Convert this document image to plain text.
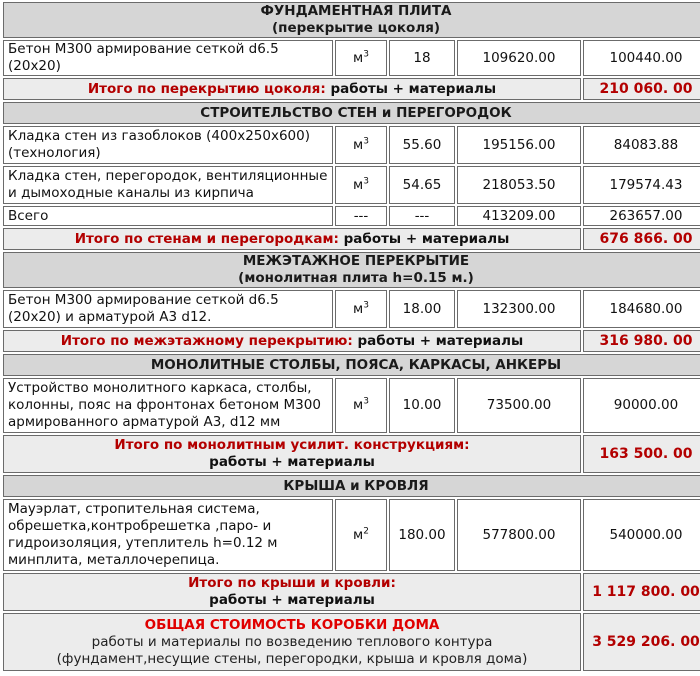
ФУНДАМЕНТНАЯ ПЛИТА
(перекрытие цоколя)				

Бетон М300 армирование сеткой d6.5 (20х20)	$м^3$	18	109620.00	100440.00
Итого по перекрытию цоколя: работы + материалы				210 060. 00

СТРОИТЕЛЬСТВО СТЕН и ПЕРЕГОРОДОК				

Кладка стен из газоблоков (400х250х600) (технология)	$м^3$	55.60	195156.00	84083.88
Кладка стен, перегородок, вентиляционные и дымоходные каналы из кирпича	$м^3$	54.65	218053.50	179574.43
Всего	---	---	413209.00	263657.00
Итого по стенам и перегородкам: работы + материалы				676 866. 00

МЕЖЭТАЖНОЕ ПЕРЕКРЫТИЕ
(монолитная плита h=0.15 м.)				

Бетон М300 армирование сеткой d6.5 (20х20) и арматурой А3 d12.	$м^3$	18.00	132300.00	184680.00
Итого по межэтажному перекрытию: работы + материалы				316 980. 00

МОНОЛИТНЫЕ СТОЛБЫ, ПОЯСА, КАРКАСЫ, АНКЕРЫ				

Устройство монолитного каркаса, столбы, колонны, пояс на фронтонах бетоном М300 армированного арматурой А3, d12 мм	$м^3$	10.00	73500.00	90000.00

Итого по монолитным усилит. конструкциям:
работы + материалы				163 500. 00

КРЫША и КРОВЛЯ				

Мауэрлат, стропительная система, обрешетка,контробрешетка ,паро- и гидроизоляция, утеплитель h=0.12 м минплита, металлочерепица.	$м^2$	180.00	577800.00	540000.00

Итого по крыши и кровли:
работы + материалы				1 117 800. 00

ОБЩАЯ СТОИМОСТЬ КОРОБКИ ДОМА
работы и материалы по возведению теплового контура
(фундамент,несущие стены, перегородки, крыша и кровля дома)				3 529 206. 00
